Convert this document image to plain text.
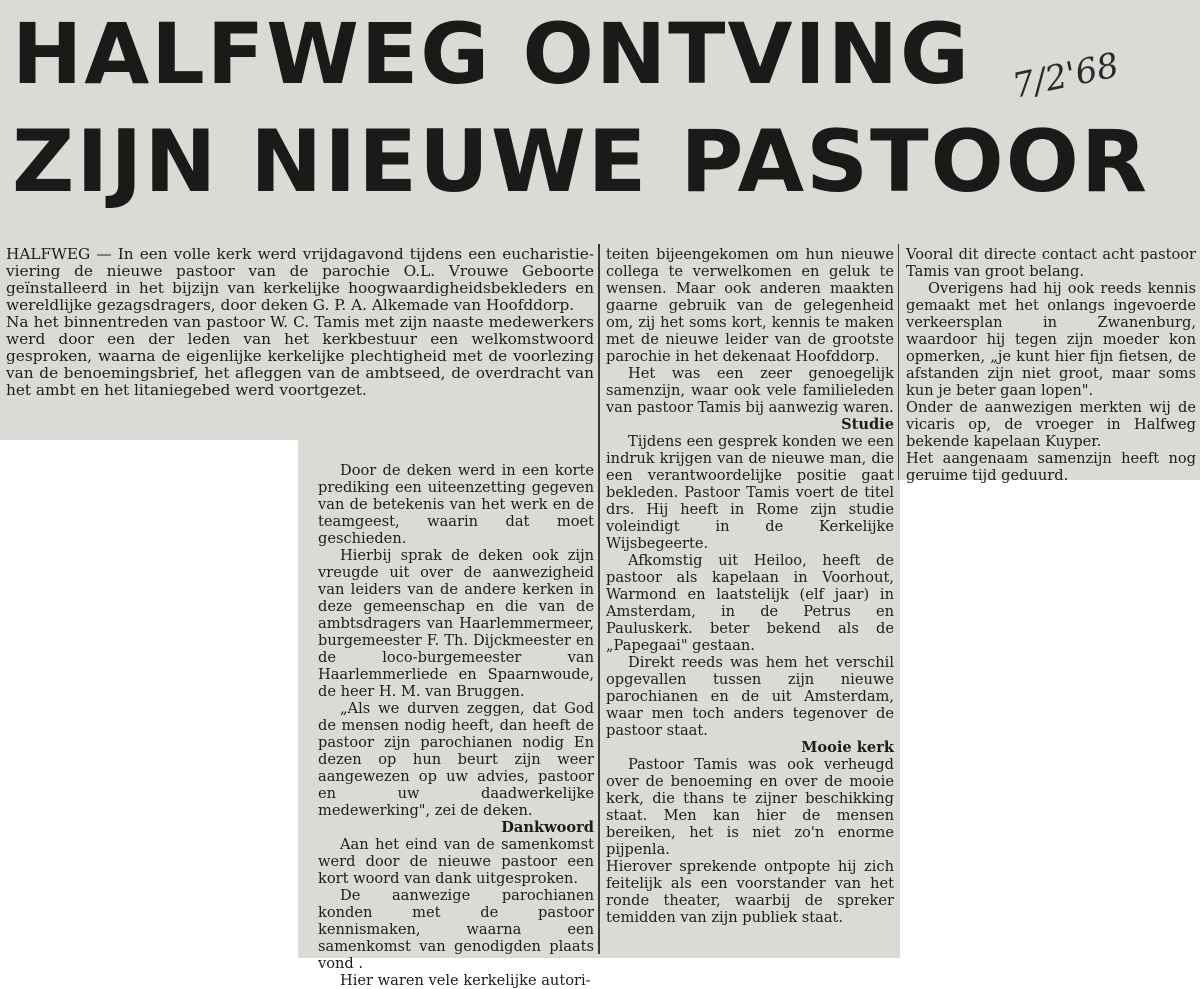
HALFWEG ONTVING
ZIJN NIEUWE PASTOOR
7/2'68

HALFWEG — In een volle kerk werd vrijdagavond tijdens een eucharistie-viering de nieuwe pastoor van de parochie O.L. Vrouwe Geboorte geïnstalleerd in het bijzijn van kerkelijke hoogwaardigheidsbekleders en wereldlijke gezagsdragers, door deken G. P. A. Alkemade van Hoofddorp.

Na het binnentreden van pastoor W. C. Tamis met zijn naaste medewerkers werd door een der leden van het kerkbestuur een welkomstwoord gesproken, waarna de eigenlijke kerkelijke plechtigheid met de voorlezing van de benoemingsbrief, het afleggen van de ambtseed, de overdracht van het ambt en het litaniegebed werd voortgezet.

Door de deken werd in een korte prediking een uiteenzetting gegeven van de betekenis van het werk en de teamgeest, waarin dat moet geschieden.

Hierbij sprak de deken ook zijn vreugde uit over de aanwezigheid van leiders van de andere kerken in deze gemeenschap en die van de ambtsdragers van Haarlemmermeer, burgemeester F. Th. Dijckmeester en de loco-burgemeester van Haarlemmerliede en Spaarnwoude, de heer H. M. van Bruggen.

„Als we durven zeggen, dat God de mensen nodig heeft, dan heeft de pastoor zijn parochianen nodig En dezen op hun beurt zijn weer aangewezen op uw advies, pastoor en uw daadwerkelijke medewerking", zei de deken.

Dankwoord

Aan het eind van de samenkomst werd door de nieuwe pastoor een kort woord van dank uitgesproken.

De aanwezige parochianen konden met de pastoor kennismaken, waarna een samenkomst van genodigden plaats vond .

Hier waren vele kerkelijke autori-

teiten bijeengekomen om hun nieuwe collega te verwelkomen en geluk te wensen. Maar ook anderen maakten gaarne gebruik van de gelegenheid om, zij het soms kort, kennis te maken met de nieuwe leider van de grootste parochie in het dekenaat Hoofddorp.

Het was een zeer genoegelijk samenzijn, waar ook vele familieleden van pastoor Tamis bij aanwezig waren.

Studie

Tijdens een gesprek konden we een indruk krijgen van de nieuwe man, die een verantwoordelijke positie gaat bekleden. Pastoor Tamis voert de titel drs. Hij heeft in Rome zijn studie voleindigt in de Kerkelijke Wijsbegeerte.

Afkomstig uit Heiloo, heeft de pastoor als kapelaan in Voorhout, Warmond en laatstelijk (elf jaar) in Amsterdam, in de Petrus en Pauluskerk. beter bekend als de „Papegaai" gestaan.

Direkt reeds was hem het verschil opgevallen tussen zijn nieuwe parochianen en de uit Amsterdam, waar men toch anders tegenover de pastoor staat.

Mooie kerk

Pastoor Tamis was ook verheugd over de benoeming en over de mooie kerk, die thans te zijner beschikking staat. Men kan hier de mensen bereiken, het is niet zo'n enorme pijpenla.

Hierover sprekende ontpopte hij zich feitelijk als een voorstander van het ronde theater, waarbij de spreker temidden van zijn publiek staat.

Vooral dit directe contact acht pastoor Tamis van groot belang.

Overigens had hij ook reeds kennis gemaakt met het onlangs ingevoerde verkeersplan in Zwanenburg, waardoor hij tegen zijn moeder kon opmerken, „je kunt hier fijn fietsen, de afstanden zijn niet groot, maar soms kun je beter gaan lopen".

Onder de aanwezigen merkten wij de vicaris op, de vroeger in Halfweg bekende kapelaan Kuyper.

Het aangenaam samenzijn heeft nog geruime tijd geduurd.
